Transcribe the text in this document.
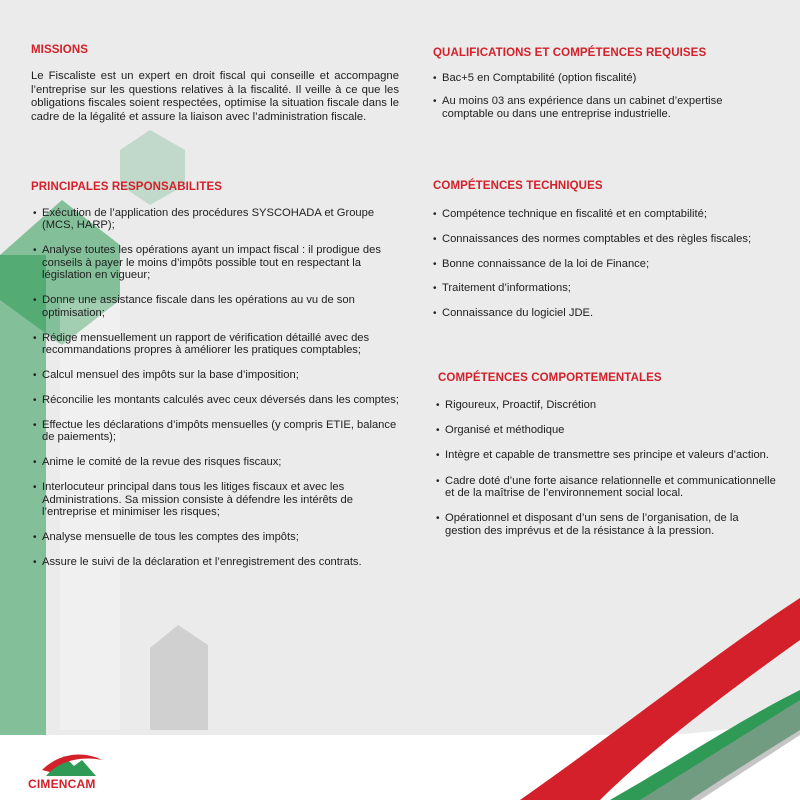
MISSIONS

Le Fiscaliste est un expert en droit fiscal qui conseille et accompagne l’entreprise sur les questions relatives à la fiscalité. Il veille à ce que les obligations fiscales soient respectées, optimise la situation fiscale dans le cadre de la légalité et assure la liaison avec l’administration fiscale.

PRINCIPALES RESPONSABILITES
• Exécution de l’application des procédures SYSCOHADA et Groupe (MCS, HARP);
• Analyse toutes les opérations ayant un impact fiscal : il prodigue des conseils à payer le moins d’impôts possible tout en respectant la législation en vigueur;
• Donne une assistance fiscale dans les opérations au vu de son optimisation;
• Rédige mensuellement un rapport de vérification détaillé avec des recommandations propres à améliorer les pratiques comptables;
• Calcul mensuel des impôts sur la base d’imposition;
• Réconcilie les montants calculés avec ceux déversés dans les comptes;
• Effectue les déclarations d’impôts mensuelles (y compris ETIE, balance de paiements);
• Anime le comité de la revue des risques fiscaux;
• Interlocuteur principal dans tous les litiges fiscaux et avec les Administrations. Sa mission consiste à défendre les intérêts de l’entreprise et minimiser les risques;
• Analyse mensuelle de tous les comptes des impôts;
• Assure le suivi de la déclaration et l’enregistrement des contrats.
QUALIFICATIONS ET COMPÉTENCES REQUISES
• Bac+5 en Comptabilité (option fiscalité)
• Au moins 03 ans expérience dans un cabinet d’expertise comptable ou dans une entreprise industrielle.
COMPÉTENCES TECHNIQUES
• Compétence technique en fiscalité et en comptabilité;
• Connaissances des normes comptables et des règles fiscales;
• Bonne connaissance de la loi de Finance;
• Traitement d’informations;
• Connaissance du logiciel JDE.
COMPÉTENCES COMPORTEMENTALES
• Rigoureux, Proactif, Discrétion
• Organisé et méthodique
• Intègre et capable de transmettre ses principe et valeurs d’action.
• Cadre doté d’une forte aisance relationnelle et communicationnelle et de la maîtrise de l’environnement social local.
• Opérationnel et disposant d’un sens de l’organisation, de la gestion des imprévus et de la résistance à la pression.
CIMENCAM
